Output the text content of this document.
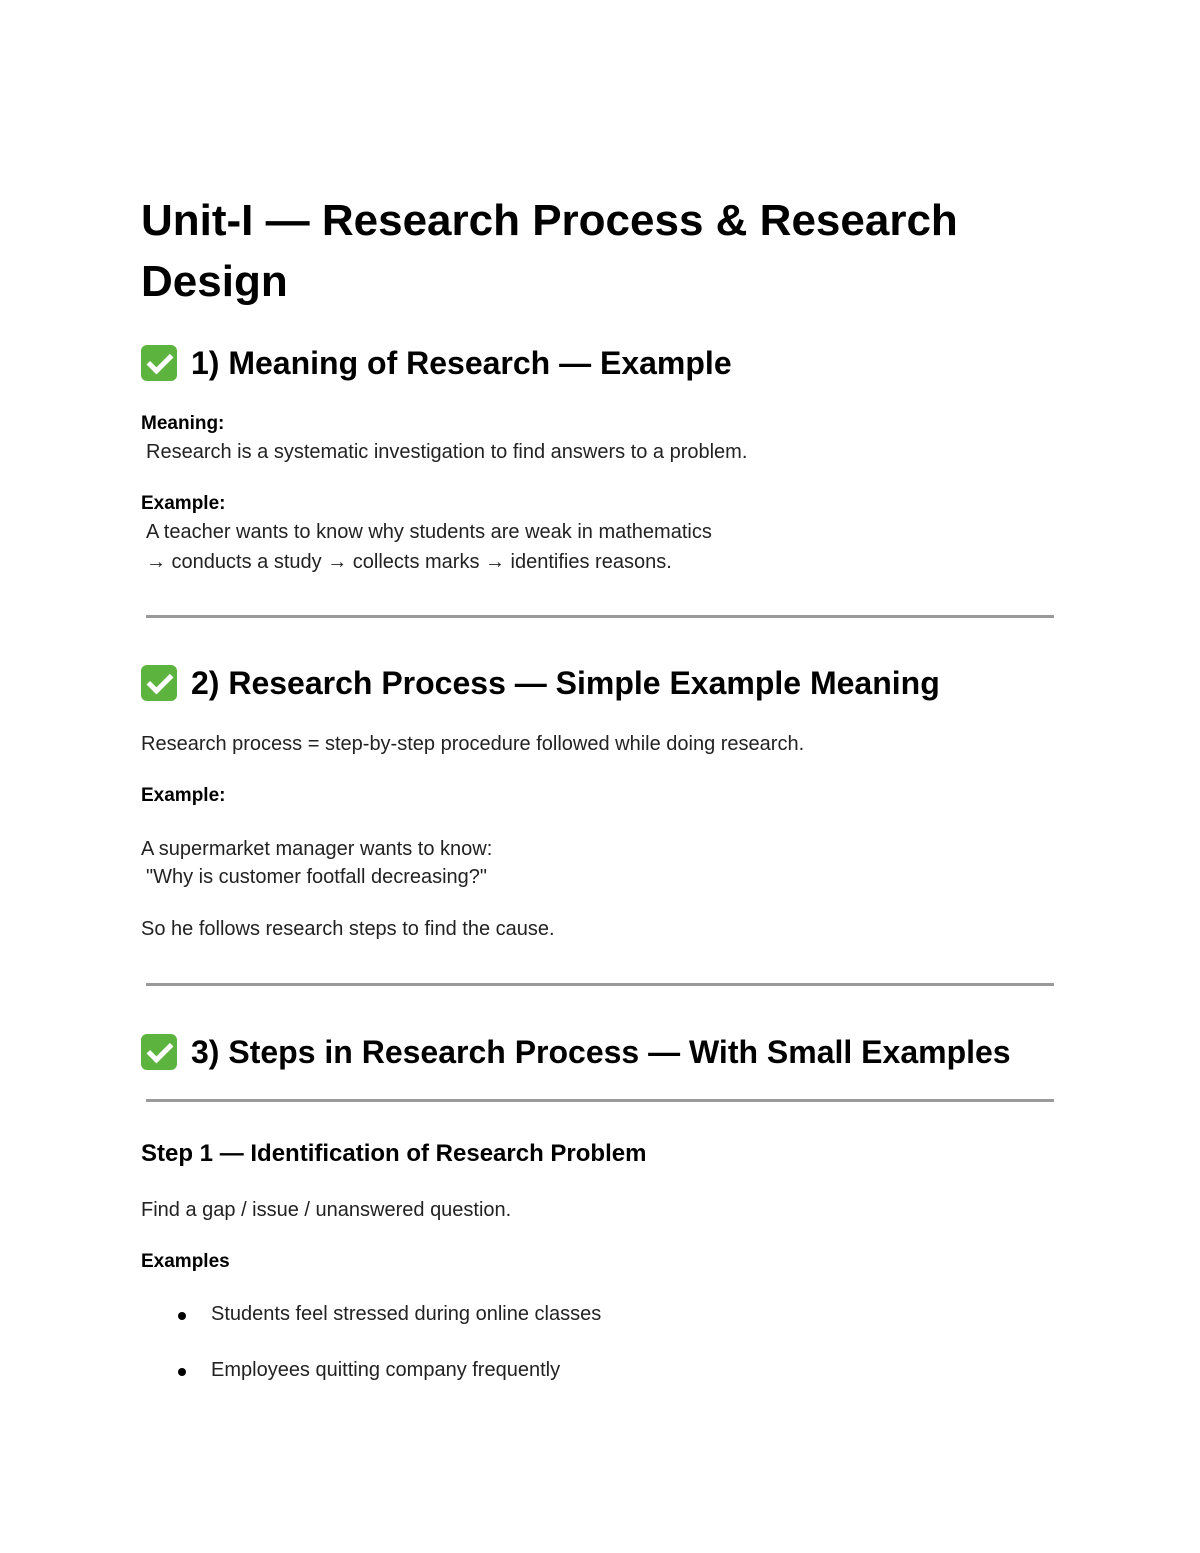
Unit-I — Research Process & Research Design
1) Meaning of Research — Example
Meaning:
Research is a systematic investigation to find answers to a problem.
Example:
A teacher wants to know why students are weak in mathematics
→ conducts a study → collects marks → identifies reasons.
2) Research Process — Simple Example Meaning
Research process = step-by-step procedure followed while doing research.
Example:
A supermarket manager wants to know:
"Why is customer footfall decreasing?"
So he follows research steps to find the cause.
3) Steps in Research Process — With Small Examples
Step 1 — Identification of Research Problem
Find a gap / issue / unanswered question.
Examples
Students feel stressed during online classes
Employees quitting company frequently
